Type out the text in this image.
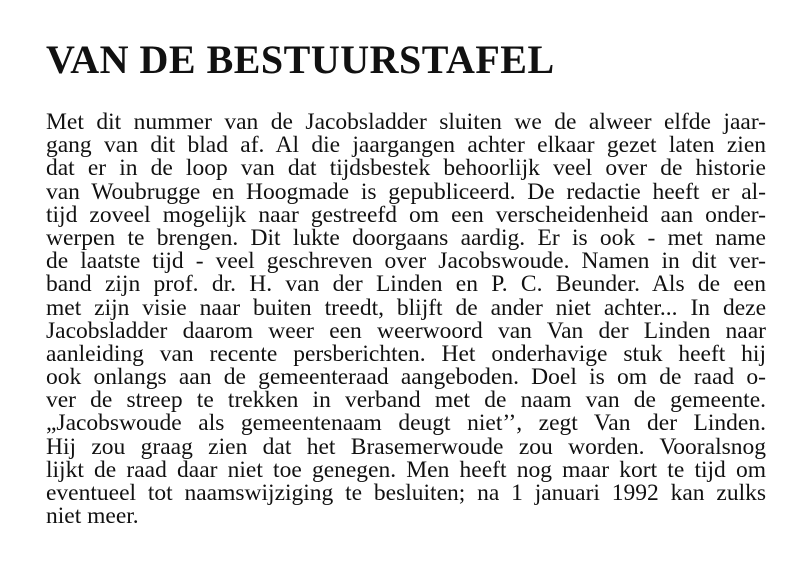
VAN DE BESTUURSTAFEL
Met dit nummer van de Jacobsladder sluiten we de alweer elfde jaar-
gang van dit blad af. Al die jaargangen achter elkaar gezet laten zien
dat er in de loop van dat tijdsbestek behoorlijk veel over de historie
van Woubrugge en Hoogmade is gepubliceerd. De redactie heeft er al-
tijd zoveel mogelijk naar gestreefd om een verscheidenheid aan onder-
werpen te brengen. Dit lukte doorgaans aardig. Er is ook - met name
de laatste tijd - veel geschreven over Jacobswoude. Namen in dit ver-
band zijn prof. dr. H. van der Linden en P. C. Beunder. Als de een
met zijn visie naar buiten treedt, blijft de ander niet achter... In deze
Jacobsladder daarom weer een weerwoord van Van der Linden naar
aanleiding van recente persberichten. Het onderhavige stuk heeft hij
ook onlangs aan de gemeenteraad aangeboden. Doel is om de raad o-
ver de streep te trekken in verband met de naam van de gemeente.
„Jacobswoude als gemeentenaam deugt niet’’, zegt Van der Linden.
Hij zou graag zien dat het Brasemerwoude zou worden. Vooralsnog
lijkt de raad daar niet toe genegen. Men heeft nog maar kort te tijd om
eventueel tot naamswijziging te besluiten; na 1 januari 1992 kan zulks
niet meer.
